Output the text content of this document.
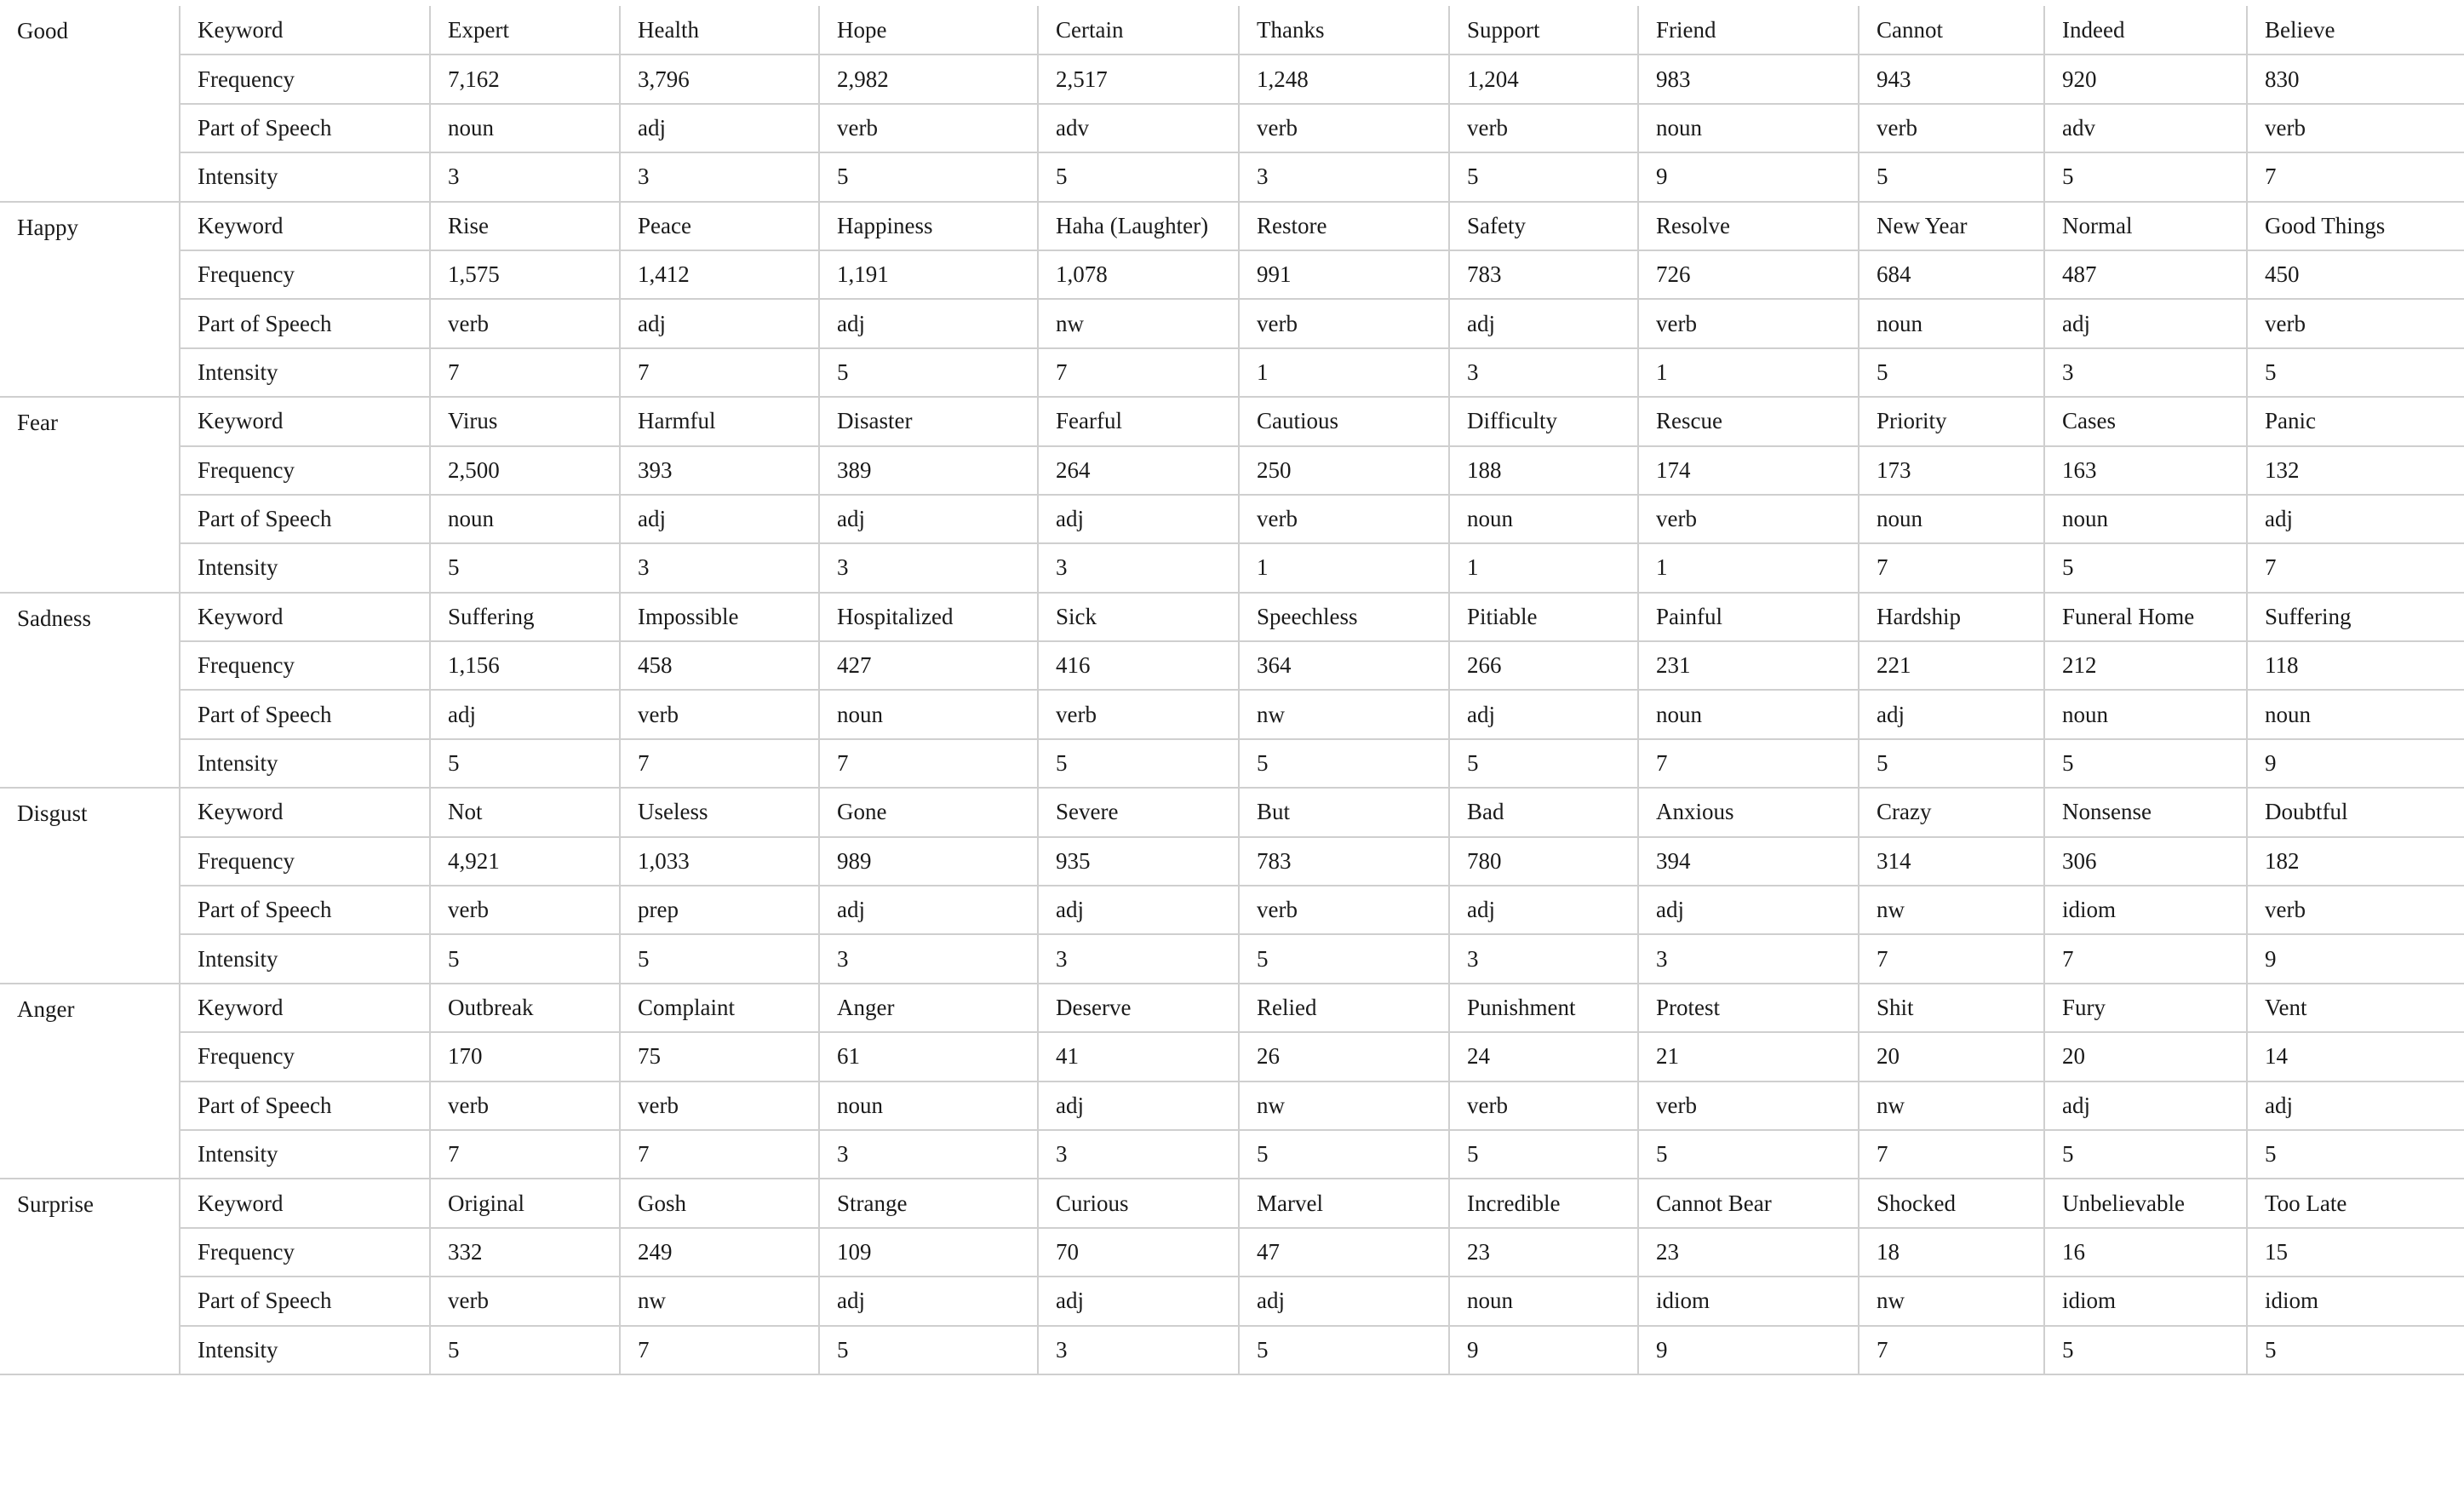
Good	Keyword	Expert	Health	Hope	Certain	Thanks	Support	Friend	Cannot	Indeed	Believe
	Frequency	7,162	3,796	2,982	2,517	1,248	1,204	983	943	920	830
	Part of Speech	noun	adj	verb	adv	verb	verb	noun	verb	adv	verb
	Intensity	3	3	5	5	3	5	9	5	5	7
Happy	Keyword	Rise	Peace	Happiness	Haha (Laughter)	Restore	Safety	Resolve	New Year	Normal	Good Things
	Frequency	1,575	1,412	1,191	1,078	991	783	726	684	487	450
	Part of Speech	verb	adj	adj	nw	verb	adj	verb	noun	adj	verb
	Intensity	7	7	5	7	1	3	1	5	3	5
Fear	Keyword	Virus	Harmful	Disaster	Fearful	Cautious	Difficulty	Rescue	Priority	Cases	Panic
	Frequency	2,500	393	389	264	250	188	174	173	163	132
	Part of Speech	noun	adj	adj	adj	verb	noun	verb	noun	noun	adj
	Intensity	5	3	3	3	1	1	1	7	5	7
Sadness	Keyword	Suffering	Impossible	Hospitalized	Sick	Speechless	Pitiable	Painful	Hardship	Funeral Home	Suffering
	Frequency	1,156	458	427	416	364	266	231	221	212	118
	Part of Speech	adj	verb	noun	verb	nw	adj	noun	adj	noun	noun
	Intensity	5	7	7	5	5	5	7	5	5	9
Disgust	Keyword	Not	Useless	Gone	Severe	But	Bad	Anxious	Crazy	Nonsense	Doubtful
	Frequency	4,921	1,033	989	935	783	780	394	314	306	182
	Part of Speech	verb	prep	adj	adj	verb	adj	adj	nw	idiom	verb
	Intensity	5	5	3	3	5	3	3	7	7	9
Anger	Keyword	Outbreak	Complaint	Anger	Deserve	Relied	Punishment	Protest	Shit	Fury	Vent
	Frequency	170	75	61	41	26	24	21	20	20	14
	Part of Speech	verb	verb	noun	adj	nw	verb	verb	nw	adj	adj
	Intensity	7	7	3	3	5	5	5	7	5	5
Surprise	Keyword	Original	Gosh	Strange	Curious	Marvel	Incredible	Cannot Bear	Shocked	Unbelievable	Too Late
	Frequency	332	249	109	70	47	23	23	18	16	15
	Part of Speech	verb	nw	adj	adj	adj	noun	idiom	nw	idiom	idiom
	Intensity	5	7	5	3	5	9	9	7	5	5
